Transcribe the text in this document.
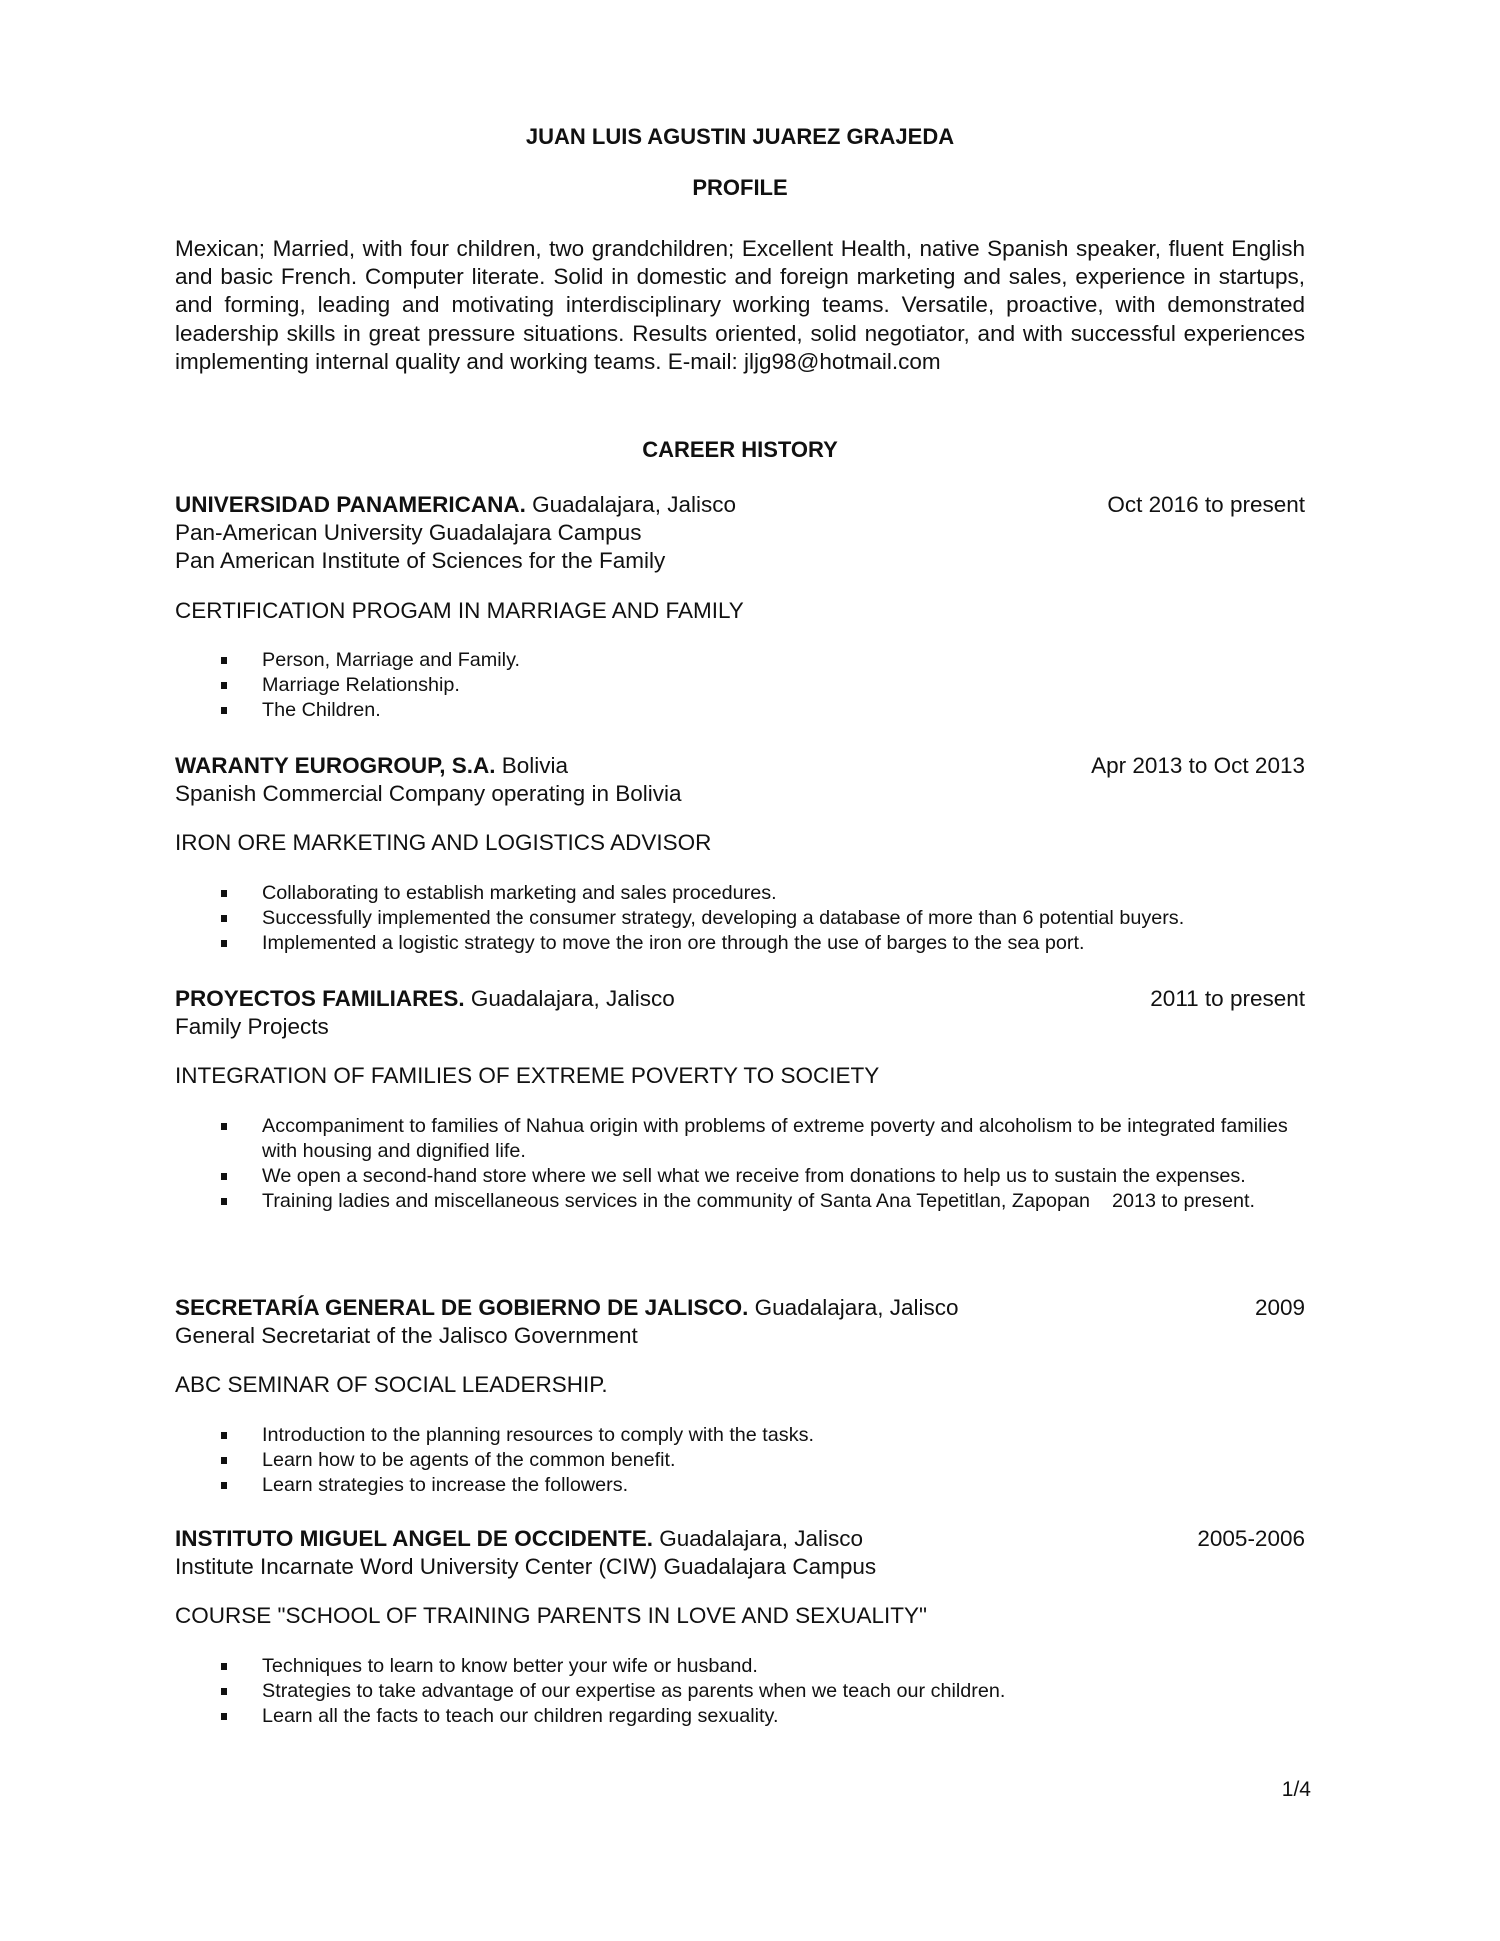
JUAN LUIS AGUSTIN JUAREZ GRAJEDA
PROFILE
Mexican; Married, with four children, two grandchildren; Excellent Health, native Spanish speaker, fluent English and basic French. Computer literate. Solid in domestic and foreign marketing and sales, experience in startups, and forming, leading and motivating interdisciplinary working teams. Versatile, proactive, with demonstrated leadership skills in great pressure situations. Results oriented, solid negotiator, and with successful experiences implementing internal quality and working teams. E-mail: jljg98@hotmail.com
CAREER HISTORY
UNIVERSIDAD PANAMERICANA. Guadalajara, Jalisco	Oct 2016 to present
Pan-American University Guadalajara Campus
Pan American Institute of Sciences for the Family
CERTIFICATION PROGAM IN MARRIAGE AND FAMILY
Person, Marriage and Family.
Marriage Relationship.
The Children.
WARANTY EUROGROUP, S.A. Bolivia	Apr 2013 to Oct 2013
Spanish Commercial Company operating in Bolivia
IRON ORE MARKETING AND LOGISTICS ADVISOR
Collaborating to establish marketing and sales procedures.
Successfully implemented the consumer strategy, developing a database of more than 6 potential buyers.
Implemented a logistic strategy to move the iron ore through the use of barges to the sea port.
PROYECTOS FAMILIARES. Guadalajara, Jalisco	2011 to present
Family Projects
INTEGRATION OF FAMILIES OF EXTREME POVERTY TO SOCIETY
Accompaniment to families of Nahua origin with problems of extreme poverty and alcoholism to be integrated families with housing and dignified life.
We open a second-hand store where we sell what we receive from donations to help us to sustain the expenses.
Training ladies and miscellaneous services in the community of Santa Ana Tepetitlan, Zapopan    2013 to present.
SECRETARÍA GENERAL DE GOBIERNO DE JALISCO. Guadalajara, Jalisco	2009
General Secretariat of the Jalisco Government
ABC SEMINAR OF SOCIAL LEADERSHIP.
Introduction to the planning resources to comply with the tasks.
Learn how to be agents of the common benefit.
Learn strategies to increase the followers.
INSTITUTO MIGUEL ANGEL DE OCCIDENTE. Guadalajara, Jalisco	2005-2006
Institute Incarnate Word University Center (CIW) Guadalajara Campus
COURSE "SCHOOL OF TRAINING PARENTS IN LOVE AND SEXUALITY"
Techniques to learn to know better your wife or husband.
Strategies to take advantage of our expertise as parents when we teach our children.
Learn all the facts to teach our children regarding sexuality.
1/4
